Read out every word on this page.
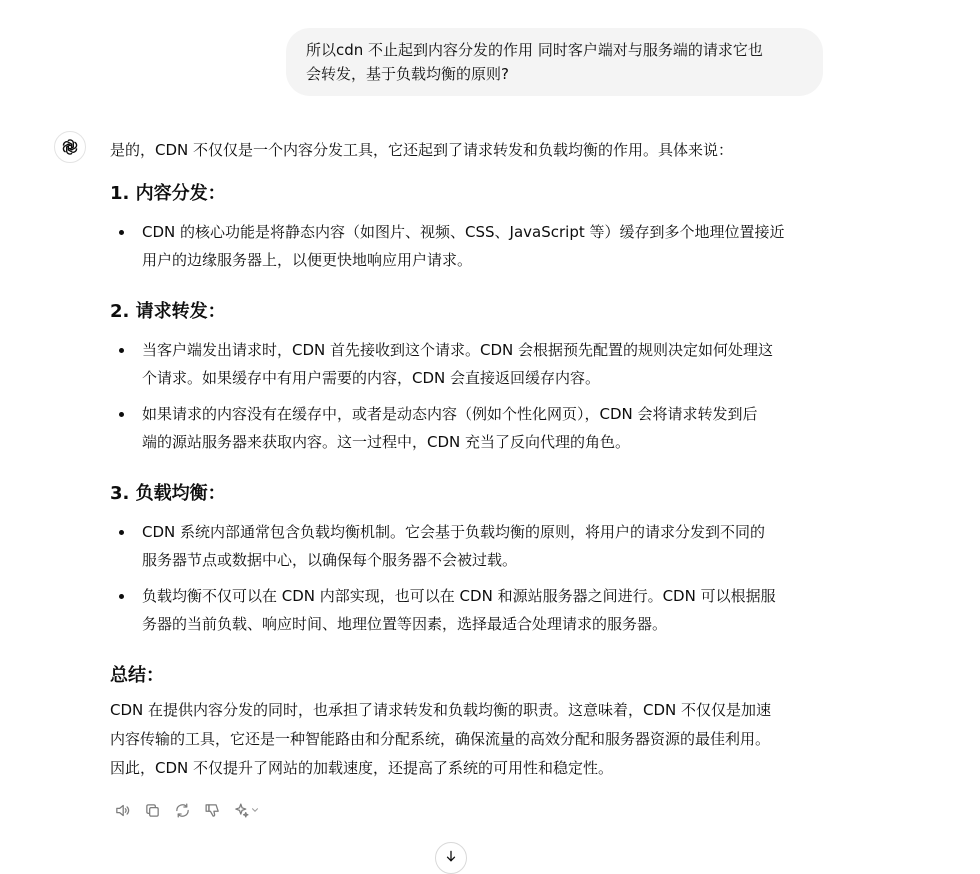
所以cdn 不止起到内容分发的作用 同时客户端对与服务端的请求它也
会转发，基于负载均衡的原则?

是的，CDN 不仅仅是一个内容分发工具，它还起到了请求转发和负载均衡的作用。具体来说：

1. 内容分发：
CDN 的核心功能是将静态内容（如图片、视频、CSS、JavaScript 等）缓存到多个地理位置接近
用户的边缘服务器上，以便更快地响应用户请求。
2. 请求转发：
当客户端发出请求时，CDN 首先接收到这个请求。CDN 会根据预先配置的规则决定如何处理这
个请求。如果缓存中有用户需要的内容，CDN 会直接返回缓存内容。
如果请求的内容没有在缓存中，或者是动态内容（例如个性化网页），CDN 会将请求转发到后
端的源站服务器来获取内容。这一过程中，CDN 充当了反向代理的角色。
3. 负载均衡：
CDN 系统内部通常包含负载均衡机制。它会基于负载均衡的原则，将用户的请求分发到不同的
服务器节点或数据中心，以确保每个服务器不会被过载。
负载均衡不仅可以在 CDN 内部实现，也可以在 CDN 和源站服务器之间进行。CDN 可以根据服
务器的当前负载、响应时间、地理位置等因素，选择最适合处理请求的服务器。
总结：

CDN 在提供内容分发的同时，也承担了请求转发和负载均衡的职责。这意味着，CDN 不仅仅是加速

内容传输的工具，它还是一种智能路由和分配系统，确保流量的高效分配和服务器资源的最佳利用。

因此，CDN 不仅提升了网站的加载速度，还提高了系统的可用性和稳定性。
